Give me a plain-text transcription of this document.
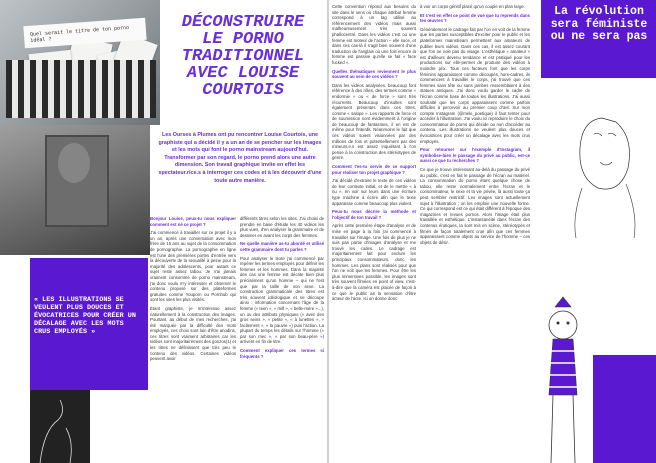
Quel serait le titre de ton porno idéal ?
DÉCONSTRUIRE
LE PORNO
TRADITIONNEL
AVEC LOUISE
COURTOIS
Les Ourses à Plumes ont pu rencontrer Louise Courtois, une graphiste qui a décidé il y a un an de se pencher sur les images et les mots qui font le porno mainstream aujourd'hui. Transformer par son regard, le porno prend alors une autre dimension. Son travail graphique invite en effet les spectateur.rice.s à interroger ces codes et à les découvrir d'une toute autre manière.
« LES ILLUSTRATIONS SE VEULENT PLUS DOUCES ET ÉVOCATRICES POUR CRÉER UN DÉCALAGE AVEC LES MOTS CRUS EMPLOYÉS »
Bonjour Louise, peux-tu nous expliquer comment est né ce projet ?
J'ai commencé à travailler sur ce projet il y a un an, après une conversation avec mon frère de 15 ans au sujet de la consommation de pornographie. La pornographie en ligne est l'une des premières portes d'entrée vers la découverte de la sexualité à peine pour la majorité des adolescents, pour autant ce sujet reste assez tabou. Je n'ai jamais vraiment consommé de porno mainstream, j'ai donc voulu m'y intéresser et observer le contenu proposé sur des plateformes gratuites comme Youporn ou Pornhub qui sont les sites les plus visités.
Étant graphiste, je m'intéresse assez naturellement à la construction des images. Pourtant, au début de mes recherches, j'ai été marquée par la difficulté des mots employés, ces choix sont loin d'être anodins, ces titres sont vraiment arbitraires car les vidéos sont majoritairement des gonzos(1) et les titres ne définissent que très peu le contenu des vidéos. Certaines vidéos peuvent avoir
différents titres selon les sites. J'ai choisi de prendre en base d'étude les 40 vidéos les plus vues, d'en analyser la grammaire et de dessiner en avant les corps des femmes.
Ne quelle manière as-tu abordé et utilisé cette grammaire dont tu parles ?
Pour analyser le texte j'ai commencé par repérer les termes employés pour définir les femmes et les hommes. Dans la majorité des cas une femme est décrite bien plus précisément qu'un homme – qui ne l'est que par la taille de son sexe. La construction grammaticale des titres est très souvent idéologique et se découpe ainsi : information concernant l'âge de la femme (« teen », « milf », « belle-mère »...), un ou des attributs physiques (« avec des gros seins », « petite », « à lunettes », « facilement », « la pauvre ») puis l'action. La plupart du temps les détails sur l'homme (« par son mec », « par son beau-père ») arrivent en fin de titre.
Comment expliquer ces termes si fréquents ?
Cette convention répond aux besoins du site dans le sens où chaque attribut femme correspond à un tag utilisé au référencement des vidéos mais aussi malheureusement très souvent phallocentré. Dans les vidéos c'est ou une femme est moteur de l'action – elle suce, et dans ces cas-là il s'agit bien souvent d'une traduction de l'anglais où une fois encore la femme est passive qu'elle se fait « face fucked ».
Quelles thématiques reviennent le plus souvent au sein de ces vidéos ?
Dans les vidéos analysées, beaucoup font référence à des rôles, des termes comme « endormie » ou « de force » sont très récurrents. Beaucoup d'insultes sont également présentes dans ces titres, comme « salope ». Les rapports de force et de soumission sont évidemment à l'origine de beaucoup de fantasmes, il en est de même pour l'interdit. Néanmoins le fait que ces vidéos soient visionnées par des millions de fois et potentiellement par des mineurs.e.s est assez inquiétant à l'on pense à la construction des stéréotypes de genre.
Comment t'es-tu servie de ce support pour réaliser ton projet graphique ?
J'ai décidé d'extraire le texte de ces vidéos de leur contexte initial, et de le mettre « à nu », en voir sur leurs dans une écriture type machine à écrire afin que le texte apparaisse comme beaucoup plus violent.
Peux-tu nous décrire la méthode et l'objectif de ton travail ?
Après cette première étape d'analyse et de mise en page à la fois j'ai commencé à travailler sur l'image. Une fois de plus je ne suis pas partie d'images d'analyse et me trouvé les codes. Le cadrage est majoritairement fait pour exclure les principaux consommateurs, donc les hommes. Les plans sont réalisés pour que l'on ne voit que les femmes. Pour être les plus immersives possible, les images sont très souvent filmées en point of view, c'est-à-dire que la caméra est placée de façon à ce que le public ait la sensation d'être acteur de l'acte. Ici on donne donc
à voir un corps génitif placé qu'un couple en plan large.
Et c'est en effet ce point de vue que tu reprends dans tes œuvres ?
Généralement le cadrage fait par l'on en voit de la femme que les parties susceptibles d'exciter pour le public et les plateformes mainstream permettent aux amateurs de publier leurs vidéos. Dans ces cas, il est assez courant que l'on ne voie pas du visage. L'esthétique « amateur » est d'ailleurs devenu tendance et est pratiqué pour les productions sur elle-permet de produire des vidéos à moindre prix. Tous ces facteurs font que les corps féminins apparaissent comme découpés, hors-cadres, ils commencent à travailler le corps, j'ai trouvé que ces femmes sans tête ou sans jambes ressemblaient à des statues antiques. J'ai donc voulu garder le cadre de l'écran comme base de toutes les illustrations. J'ai aussi souhaité que les corps apparaissent comme parfois difficiles à percevoir au premier coup d'œil. Sur mon compte Instagram (@mele_poetique) il faut tenter pour accéder à l'illustration. J'ai voulu ici reproduire le choix du consommateur de porno qui décide ou non d'accéder au contenu. Les illustrations se veulent plus douces et évocatrices pour créer un décalage avec les mots crus employés.
Pour retourner sur l'exemple d'Instagram, il symbolise-bien le passage du privé au public, est-ce aussi ce que tu recherches ?
Ce que je trouve intéressant au-delà du passage du privé au public, c'est en fait le passage de l'écran au matériel. La consommation du porno étant quelque chose de tabou, elle reste normalement entre l'écran et le consommateur, le sexe et la vie privée, là aussi toute ça peut sembler restrictif. Les images sont actuellement sujet à l'illustration ; on les emploie une nouvelle forme. Ce qui correspond est ce qui était différent à l'époque des magazines et revues pornos. Alors l'image était plus travaillée et esthétique. L'instantanéité dans l'écran des contenus érotiques, la sont mis en scène, stéréotypés et filmés de façon totalement crue afin que ces femmes apparaissent comme objets au service de l'homme – ces objets de désir.
La révolution sera féministe ou ne sera pas
